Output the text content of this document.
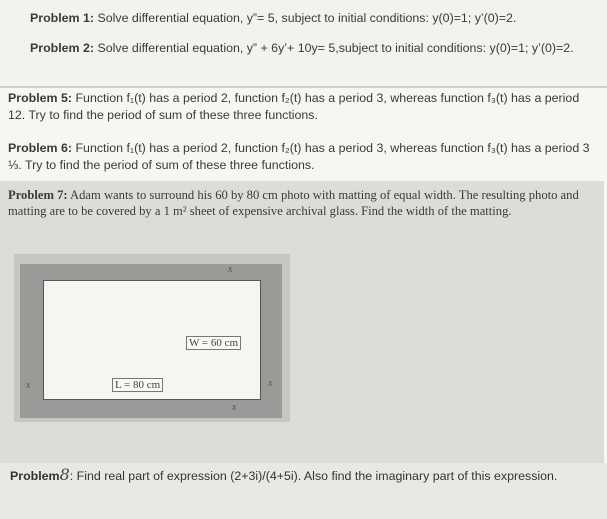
Problem 1: Solve differential equation, y”= 5, subject to initial conditions: y(0)=1; y’(0)=2.
Problem 2: Solve differential equation, y” + 6y’+ 10y= 5,subject to initial conditions: y(0)=1; y’(0)=2.
Problem 5: Function f₁(t) has a period 2, function f₂(t) has a period 3, whereas function f₃(t) has a period 12. Try to find the period of sum of these three functions.
Problem 6: Function f₁(t) has a period 2, function f₂(t) has a period 3, whereas function f₃(t) has a period 3 ⅓. Try to find the period of sum of these three functions.
Problem 7: Adam wants to surround his 60 by 80 cm photo with matting of equal width. The resulting photo and matting are to be covered by a 1 m² sheet of expensive archival glass. Find the width of the matting.
W = 60 cm
L = 80 cm
x
x	x
x
Problem8: Find real part of expression (2+3i)/(4+5i). Also find the imaginary part of this expression.
